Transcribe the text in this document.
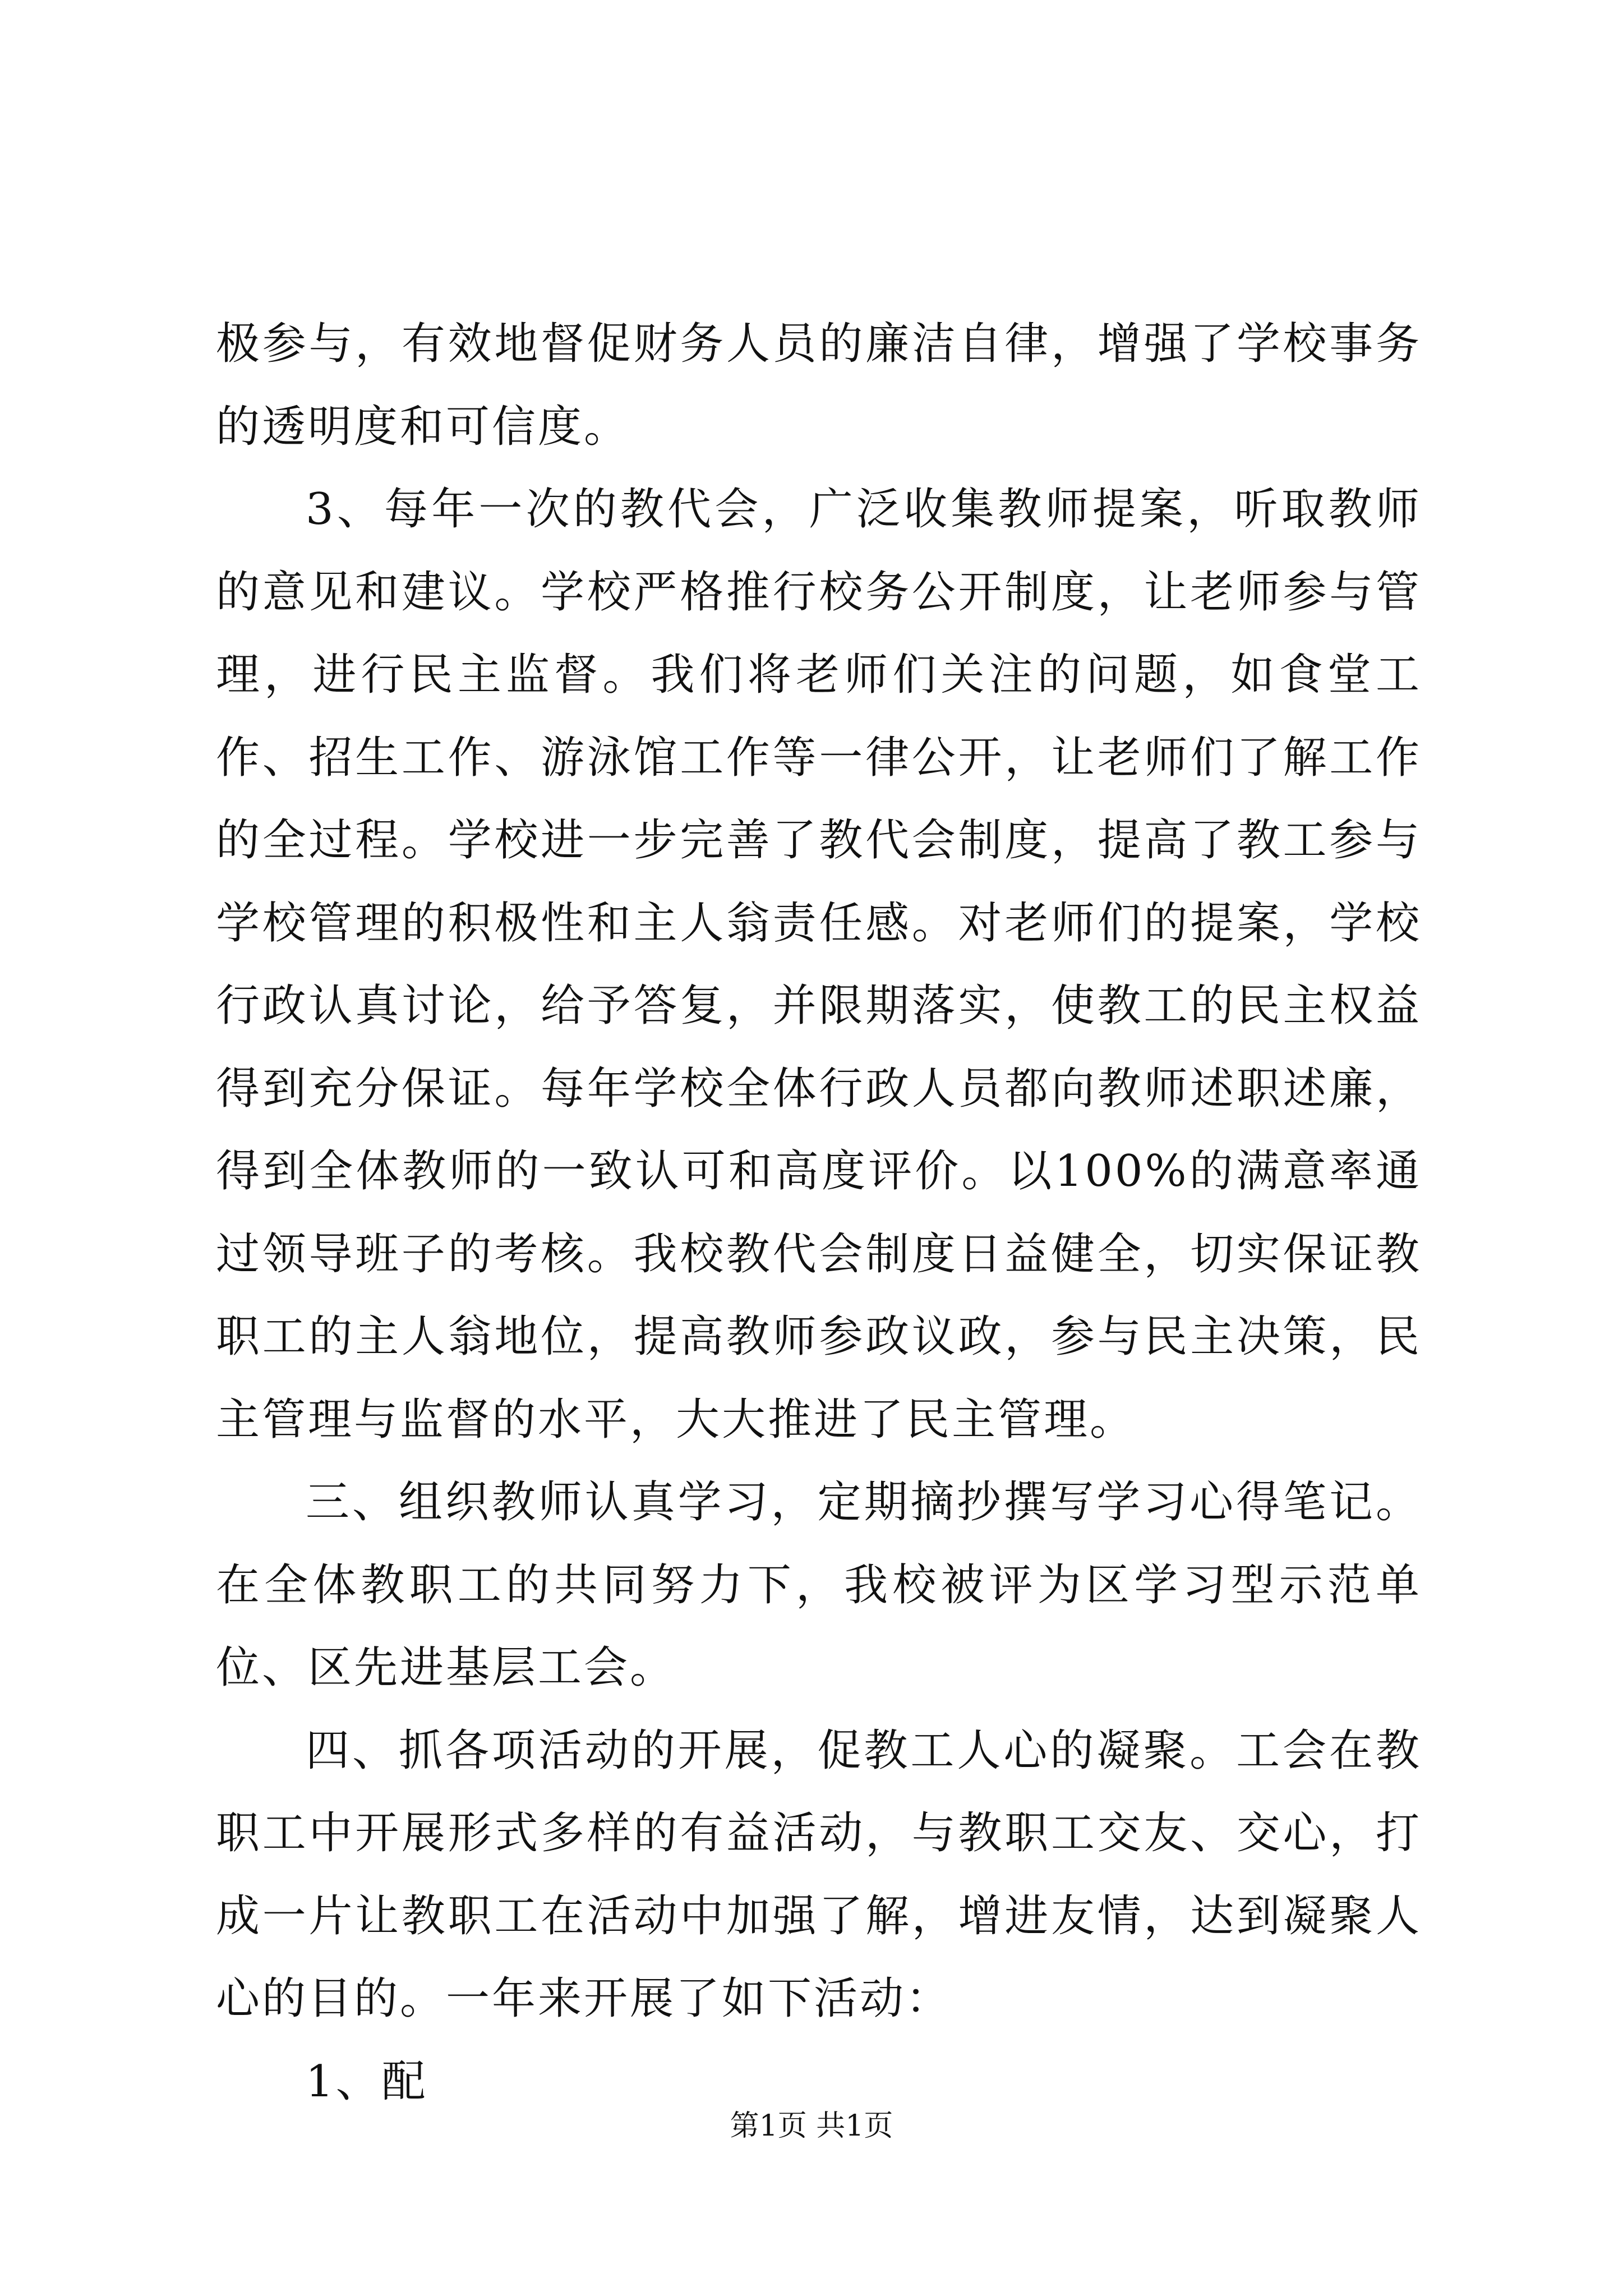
极参与，有效地督促财务人员的廉洁自律，增强了学校事务的透明度和可信度。

3、每年一次的教代会，广泛收集教师提案，听取教师的意见和建议。学校严格推行校务公开制度，让老师参与管理，进行民主监督。我们将老师们关注的问题，如食堂工作、招生工作、游泳馆工作等一律公开，让老师们了解工作的全过程。学校进一步完善了教代会制度，提高了教工参与学校管理的积极性和主人翁责任感。对老师们的提案，学校行政认真讨论，给予答复，并限期落实，使教工的民主权益得到充分保证。每年学校全体行政人员都向教师述职述廉，得到全体教师的一致认可和高度评价。以100%的满意率通过领导班子的考核。我校教代会制度日益健全，切实保证教职工的主人翁地位，提高教师参政议政，参与民主决策，民主管理与监督的水平，大大推进了民主管理。

三、组织教师认真学习，定期摘抄撰写学习心得笔记。在全体教职工的共同努力下，我校被评为区学习型示范单位、区先进基层工会。

四、抓各项活动的开展，促教工人心的凝聚。工会在教职工中开展形式多样的有益活动，与教职工交友、交心，打成一片让教职工在活动中加强了解，增进友情，达到凝聚人心的目的。一年来开展了如下活动：

1、配

第1页 共1页
